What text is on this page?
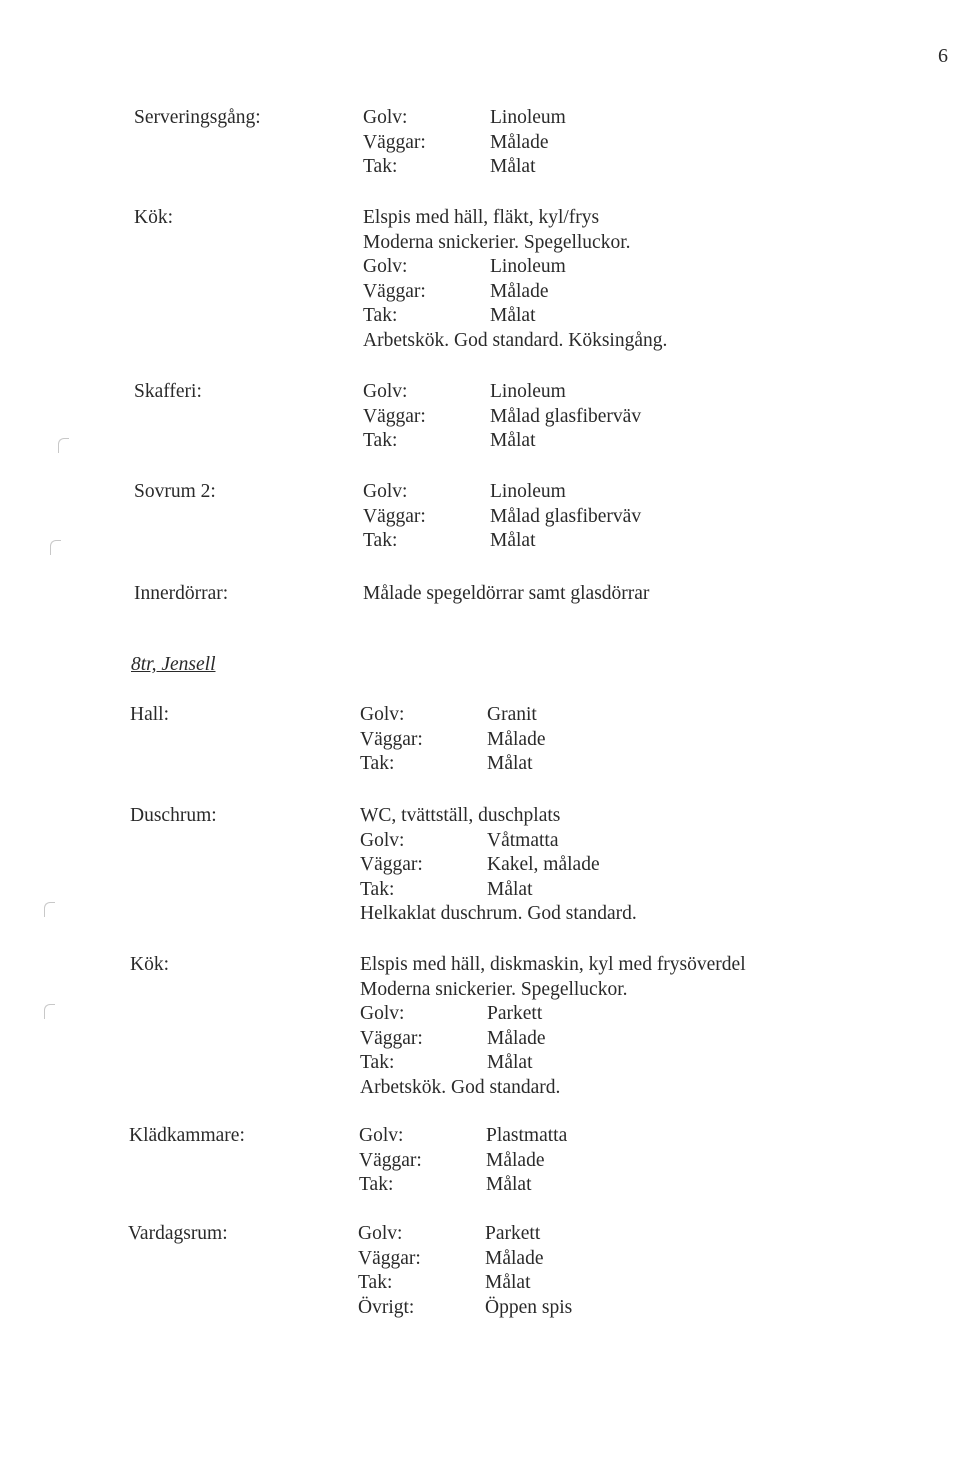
6
Serveringsgång:	Golv:	Linoleum
Väggar:	Målade
Tak:	Målat
Kök:	Elspis med häll, fläkt, kyl/frys
Moderna snickerier. Spegelluckor.
Golv:	Linoleum
Väggar:	Målade
Tak:	Målat
Arbetskök. God standard. Köksingång.
Skafferi:	Golv:	Linoleum
Väggar:	Målad glasfiberväv
Tak:	Målat
Sovrum 2:	Golv:	Linoleum
Väggar:	Målad glasfiberväv
Tak:	Målat
Innerdörrar:	Målade spegeldörrar samt glasdörrar
8tr, Jensell
Hall:	Golv:	Granit
Väggar:	Målade
Tak:	Målat
Duschrum:	WC, tvättställ, duschplats
Golv:	Våtmatta
Väggar:	Kakel, målade
Tak:	Målat
Helkaklat duschrum. God standard.
Kök:	Elspis med häll, diskmaskin, kyl med frysöverdel
Moderna snickerier. Spegelluckor.
Golv:	Parkett
Väggar:	Målade
Tak:	Målat
Arbetskök. God standard.
Klädkammare:	Golv:	Plastmatta
Väggar:	Målade
Tak:	Målat
Vardagsrum:	Golv:	Parkett
Väggar:	Målade
Tak:	Målat
Övrigt:	Öppen spis
